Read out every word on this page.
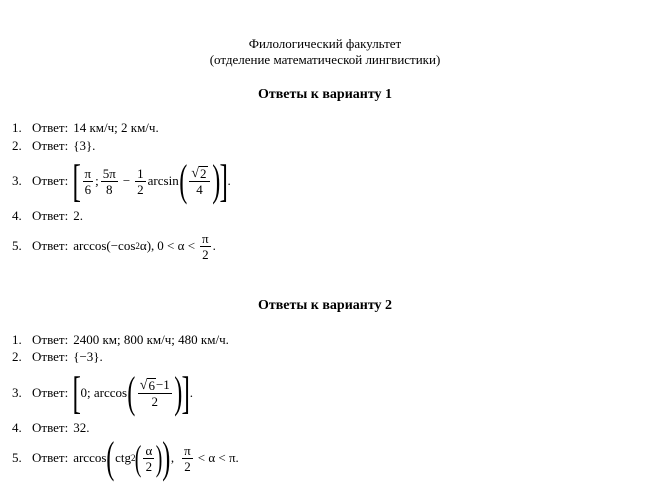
Филологический факультет
(отделение математической лингвистики)
Ответы к варианту 1
1. Ответ: 14 км/ч; 2 км/ч.
2. Ответ: {3}.
3. Ответ: [ $\frac{\pi}{6}$ ; $\frac{5\pi}{8} - \frac{1}{2}$ arcsin ( $\frac{√ 2}{4}$ ) ] .
4. Ответ: 2.
5. Ответ: arccos(−cos 2 α), $0 < \alpha < \frac{\pi}{2}$ .
Ответы к варианту 2
1. Ответ: 2400 км; 800 км/ч; 480 км/ч.
2. Ответ: {−3}.
3. Ответ: [ 0; arccos ( $\frac{√ 6 -1}{2}$ ) ] .
4. Ответ: 32.
5. Ответ: arccos ( ctg 2 ( $\frac{\alpha}{2}$ ) ) , $\frac{\pi}{2} < \alpha < \pi$.
